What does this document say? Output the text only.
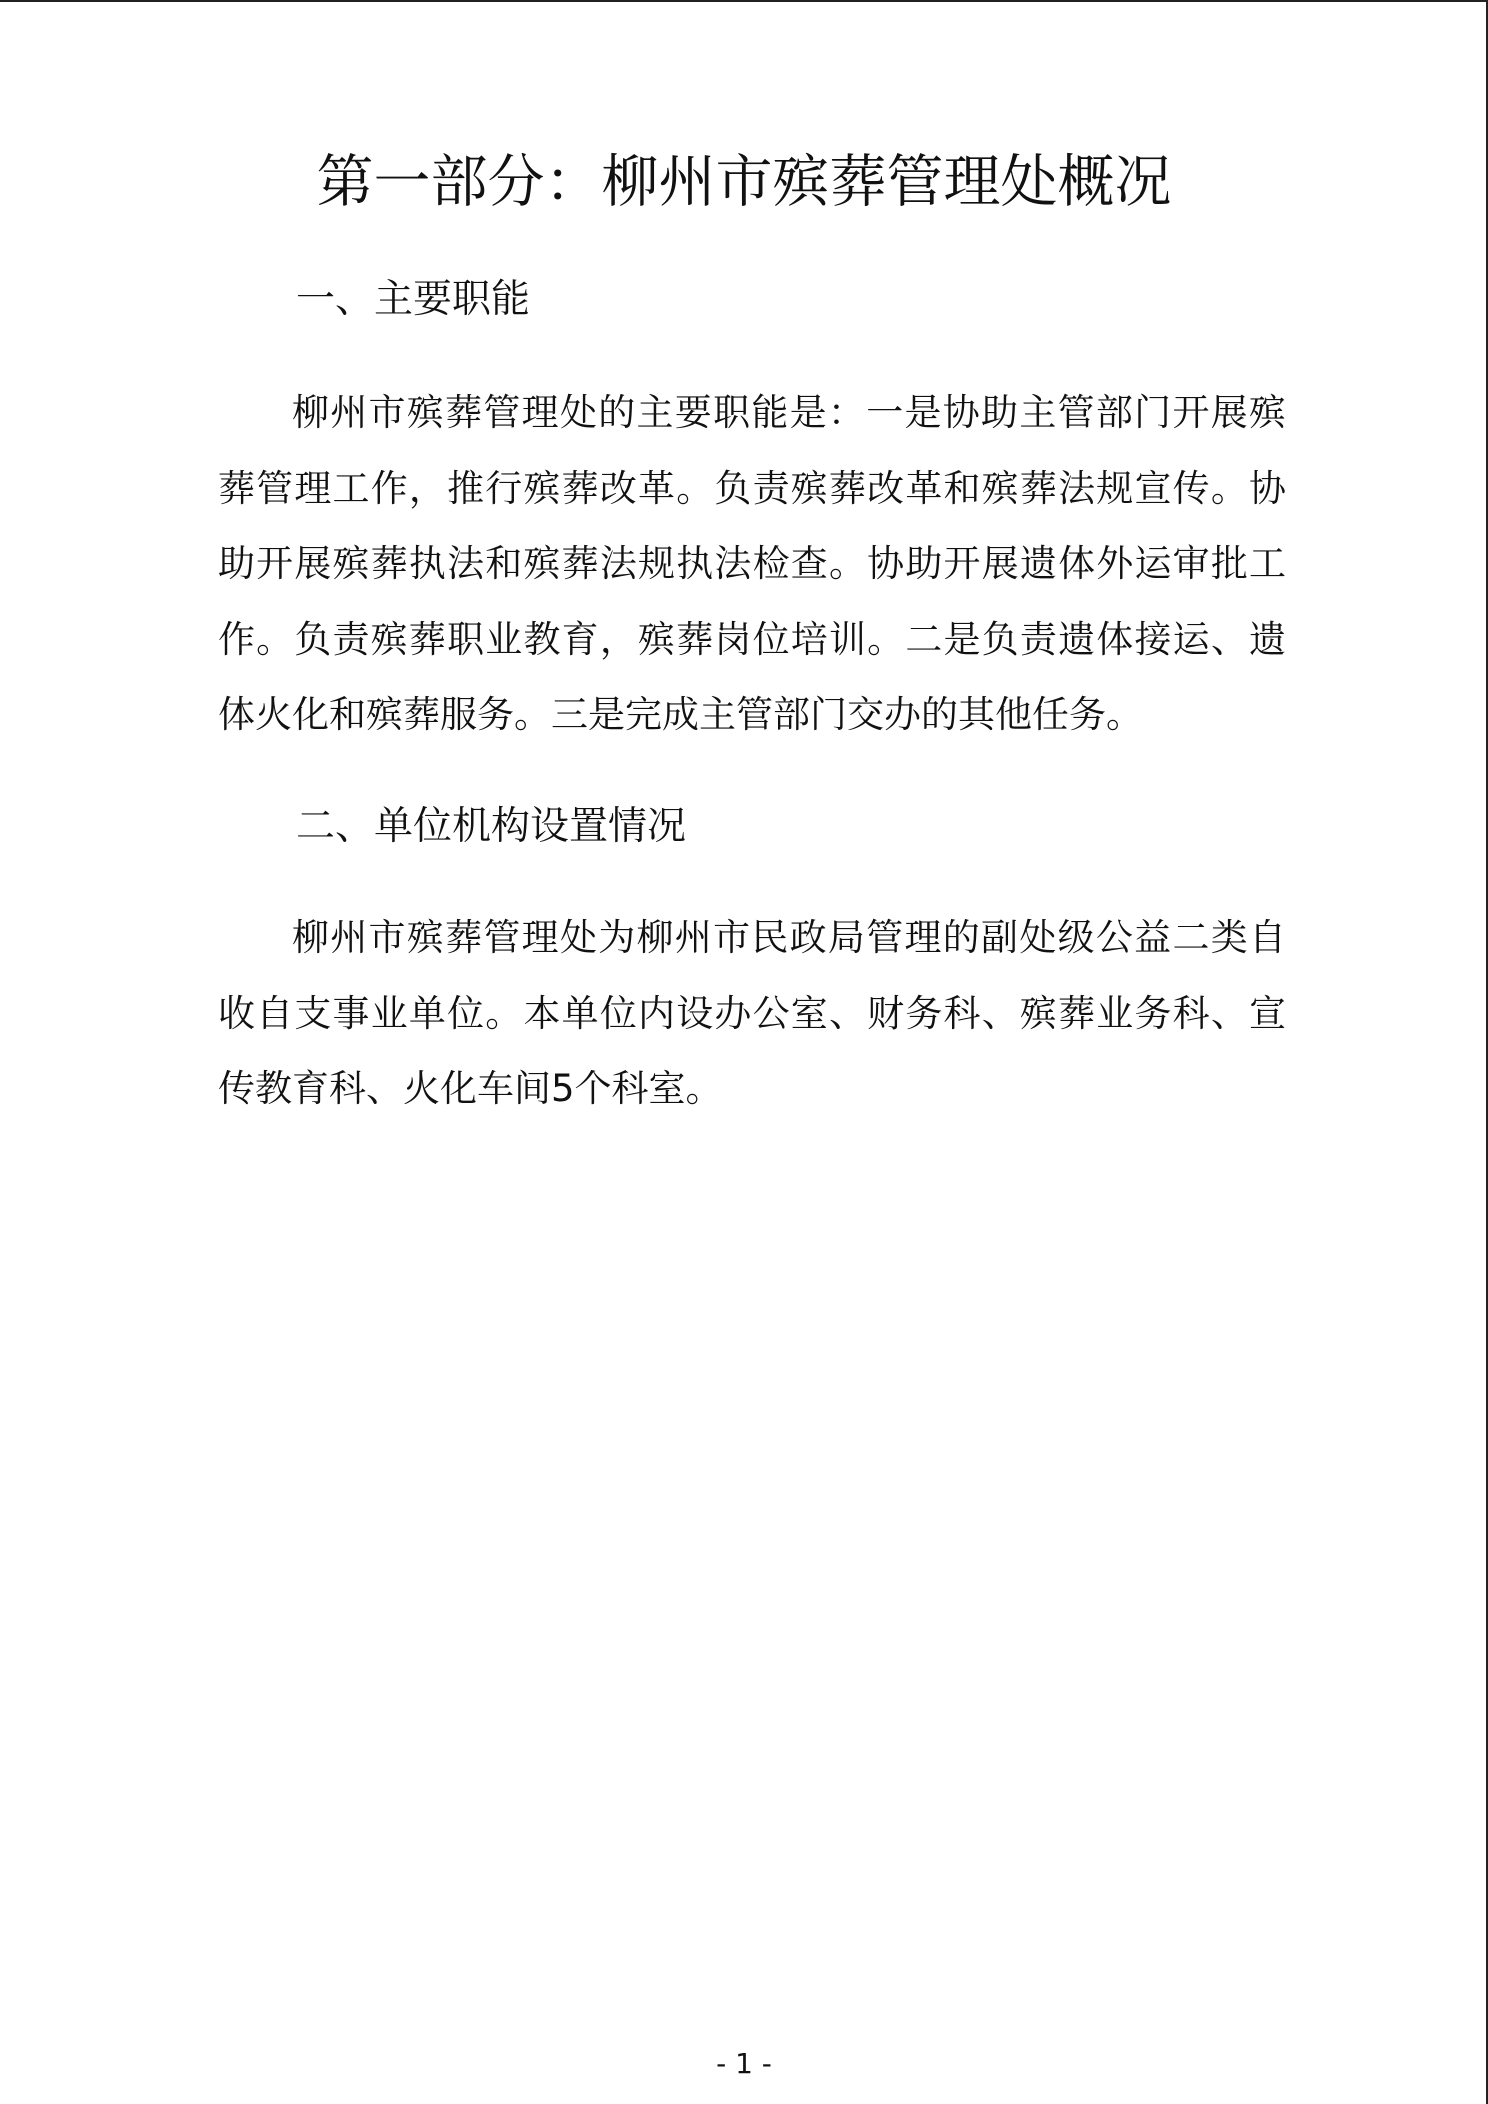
第一部分：柳州市殡葬管理处概况
一、主要职能

柳州市殡葬管理处的主要职能是：一是协助主管部门开展殡葬管理工作，推行殡葬改革。负责殡葬改革和殡葬法规宣传。协助开展殡葬执法和殡葬法规执法检查。协助开展遗体外运审批工作。负责殡葬职业教育，殡葬岗位培训。二是负责遗体接运、遗体火化和殡葬服务。三是完成主管部门交办的其他任务。

二、单位机构设置情况

柳州市殡葬管理处为柳州市民政局管理的副处级公益二类自收自支事业单位。本单位内设办公室、财务科、殡葬业务科、宣传教育科、火化车间5个科室。

- 1 -
